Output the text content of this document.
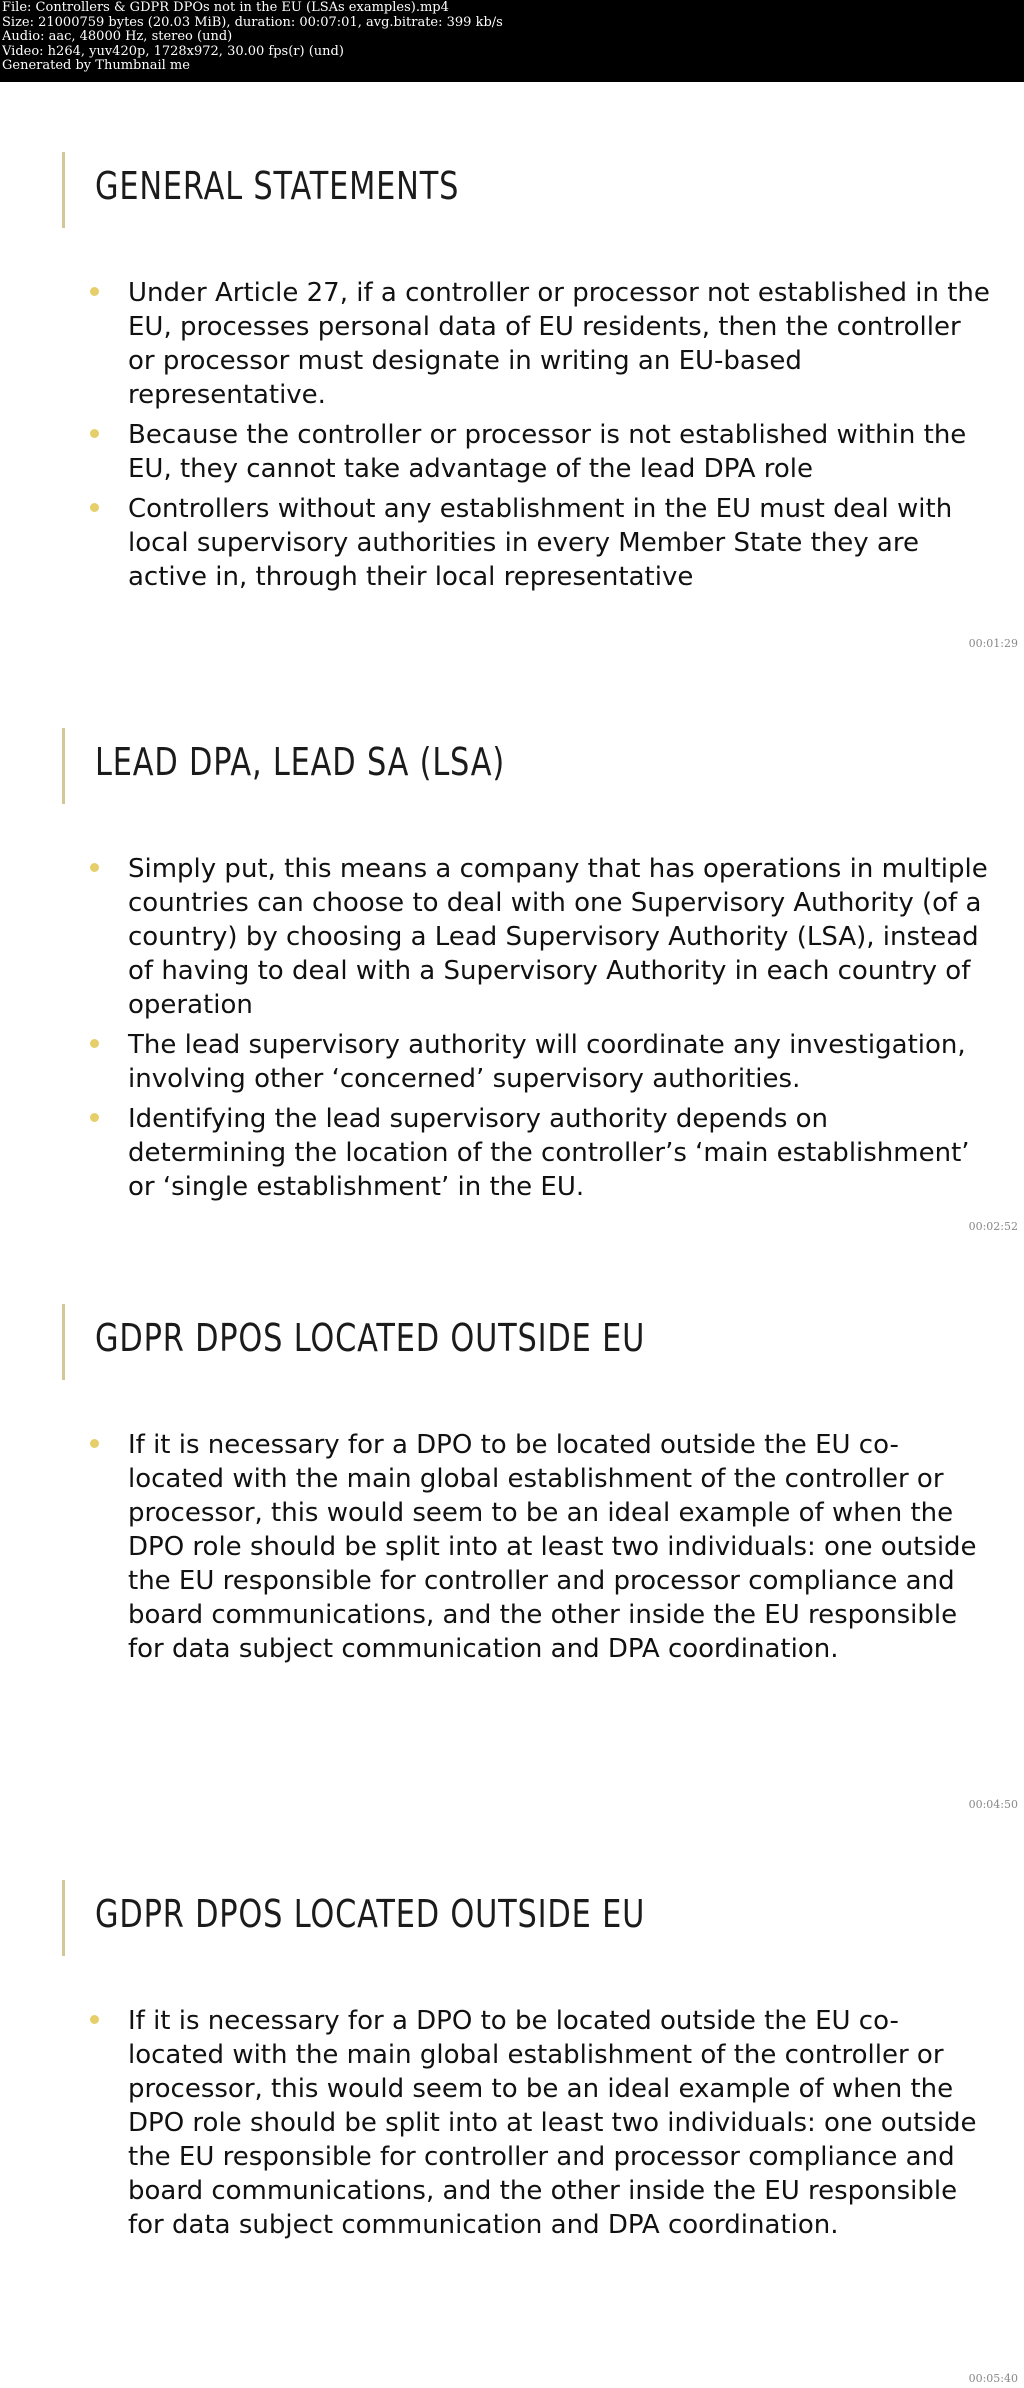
File: Controllers & GDPR DPOs not in the EU (LSAs examples).mp4
Size: 21000759 bytes (20.03 MiB), duration: 00:07:01, avg.bitrate: 399 kb/s
Audio: aac, 48000 Hz, stereo (und)
Video: h264, yuv420p, 1728x972, 30.00 fps(r) (und)
Generated by Thumbnail me
GENERAL STATEMENTS
Under Article 27, if a controller or processor not established in the EU, processes personal data of EU residents, then the controller or processor must designate in writing an EU-based representative.
Because the controller or processor is not established within the EU, they cannot take advantage of the lead DPA role
Controllers without any establishment in the EU must deal with local supervisory authorities in every Member State they are active in, through their local representative
00:01:29
LEAD DPA, LEAD SA (LSA)
Simply put, this means a company that has operations in multiple countries can choose to deal with one Supervisory Authority (of a country) by choosing a Lead Supervisory Authority (LSA), instead of having to deal with a Supervisory Authority in each country of operation
The lead supervisory authority will coordinate any investigation, involving other ‘concerned’ supervisory authorities.
Identifying the lead supervisory authority depends on determining the location of the controller’s ‘main establishment’ or ‘single establishment’ in the EU.
00:02:52
GDPR DPOS LOCATED OUTSIDE EU
If it is necessary for a DPO to be located outside the EU co-located with the main global establishment of the controller or processor, this would seem to be an ideal example of when the DPO role should be split into at least two individuals: one outside the EU responsible for controller and processor compliance and board communications, and the other inside the EU responsible for data subject communication and DPA coordination.
00:04:50
GDPR DPOS LOCATED OUTSIDE EU
If it is necessary for a DPO to be located outside the EU co-located with the main global establishment of the controller or processor, this would seem to be an ideal example of when the DPO role should be split into at least two individuals: one outside the EU responsible for controller and processor compliance and board communications, and the other inside the EU responsible for data subject communication and DPA coordination.
00:05:40
